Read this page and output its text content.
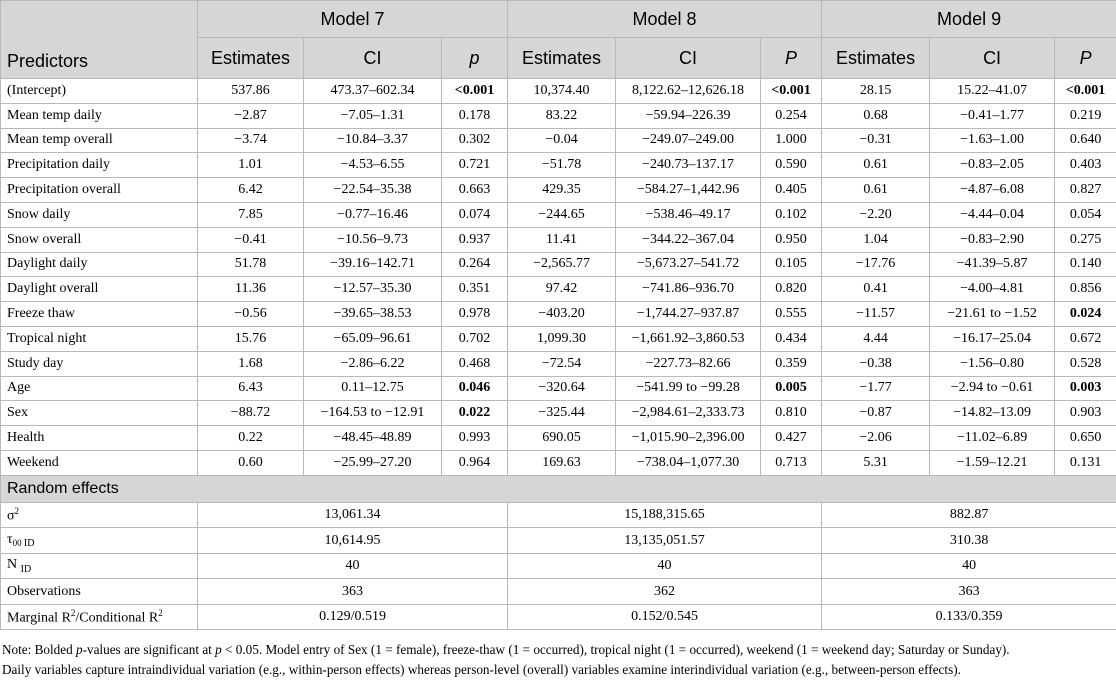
Predictors	Model 7			Model 8			Model 9		
	Estimates	CI	p	Estimates	CI	P	Estimates	CI	P
(Intercept)	537.86	473.37–602.34	<0.001	10,374.40	8,122.62–12,626.18	<0.001	28.15	15.22–41.07	<0.001
Mean temp daily	−2.87	−7.05–1.31	0.178	83.22	−59.94–226.39	0.254	0.68	−0.41–1.77	0.219
Mean temp overall	−3.74	−10.84–3.37	0.302	−0.04	−249.07–249.00	1.000	−0.31	−1.63–1.00	0.640
Precipitation daily	1.01	−4.53–6.55	0.721	−51.78	−240.73–137.17	0.590	0.61	−0.83–2.05	0.403
Precipitation overall	6.42	−22.54–35.38	0.663	429.35	−584.27–1,442.96	0.405	0.61	−4.87–6.08	0.827
Snow daily	7.85	−0.77–16.46	0.074	−244.65	−538.46–49.17	0.102	−2.20	−4.44–0.04	0.054
Snow overall	−0.41	−10.56–9.73	0.937	11.41	−344.22–367.04	0.950	1.04	−0.83–2.90	0.275
Daylight daily	51.78	−39.16–142.71	0.264	−2,565.77	−5,673.27–541.72	0.105	−17.76	−41.39–5.87	0.140
Daylight overall	11.36	−12.57–35.30	0.351	97.42	−741.86–936.70	0.820	0.41	−4.00–4.81	0.856
Freeze thaw	−0.56	−39.65–38.53	0.978	−403.20	−1,744.27–937.87	0.555	−11.57	−21.61 to −1.52	0.024
Tropical night	15.76	−65.09–96.61	0.702	1,099.30	−1,661.92–3,860.53	0.434	4.44	−16.17–25.04	0.672
Study day	1.68	−2.86–6.22	0.468	−72.54	−227.73–82.66	0.359	−0.38	−1.56–0.80	0.528
Age	6.43	0.11–12.75	0.046	−320.64	−541.99 to −99.28	0.005	−1.77	−2.94 to −0.61	0.003
Sex	−88.72	−164.53 to −12.91	0.022	−325.44	−2,984.61–2,333.73	0.810	−0.87	−14.82–13.09	0.903
Health	0.22	−48.45–48.89	0.993	690.05	−1,015.90–2,396.00	0.427	−2.06	−11.02–6.89	0.650
Weekend	0.60	−25.99–27.20	0.964	169.63	−738.04–1,077.30	0.713	5.31	−1.59–12.21	0.131
Random effects									
$\sigma^2$	13,061.34			15,188,315.65			882.87		
$\tau_{00 ID}$	10,614.95			13,135,051.57			310.38		
N $_{ID}$	40			40			40		
Observations	363			362			363		
Marginal $R^2$/Conditional $R^2$	0.129/0.519			0.152/0.545			0.133/0.359		
Note: Bolded p-values are significant at p < 0.05. Model entry of Sex (1 = female), freeze-thaw (1 = occurred), tropical night (1 = occurred), weekend (1 = weekend day; Saturday or Sunday).
Daily variables capture intraindividual variation (e.g., within-person effects) whereas person-level (overall) variables examine interindividual variation (e.g., between-person effects).
